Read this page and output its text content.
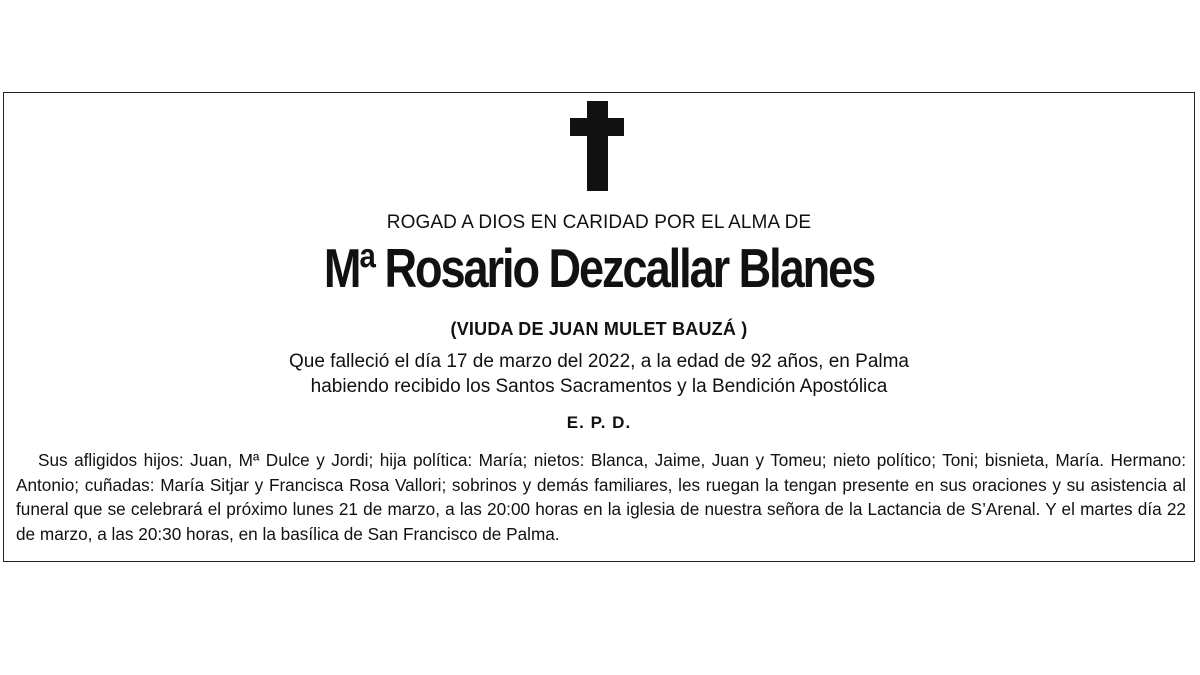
ROGAD A DIOS EN CARIDAD POR EL ALMA DE
Mª Rosario Dezcallar Blanes
(VIUDA DE JUAN MULET BAUZÁ )
Que falleció el día 17 de marzo del 2022, a la edad de 92 años, en Palma
habiendo recibido los Santos Sacramentos y la Bendición Apostólica
E. P. D.
Sus afligidos hijos: Juan, Mª Dulce y Jordi; hija política: María; nietos: Blanca, Jaime, Juan y Tomeu; nieto político; Toni; bisnieta, María. Hermano: Antonio; cuñadas: María Sitjar y Francisca Rosa Vallori; sobrinos y demás familiares, les ruegan la tengan presente en sus oraciones y su asistencia al funeral que se celebrará el próximo lunes 21 de marzo, a las 20:00 horas en la iglesia de nuestra señora de la Lactancia de S’Arenal. Y el martes día 22 de marzo, a las 20:30 horas, en la basílica de San Francisco de Palma.
